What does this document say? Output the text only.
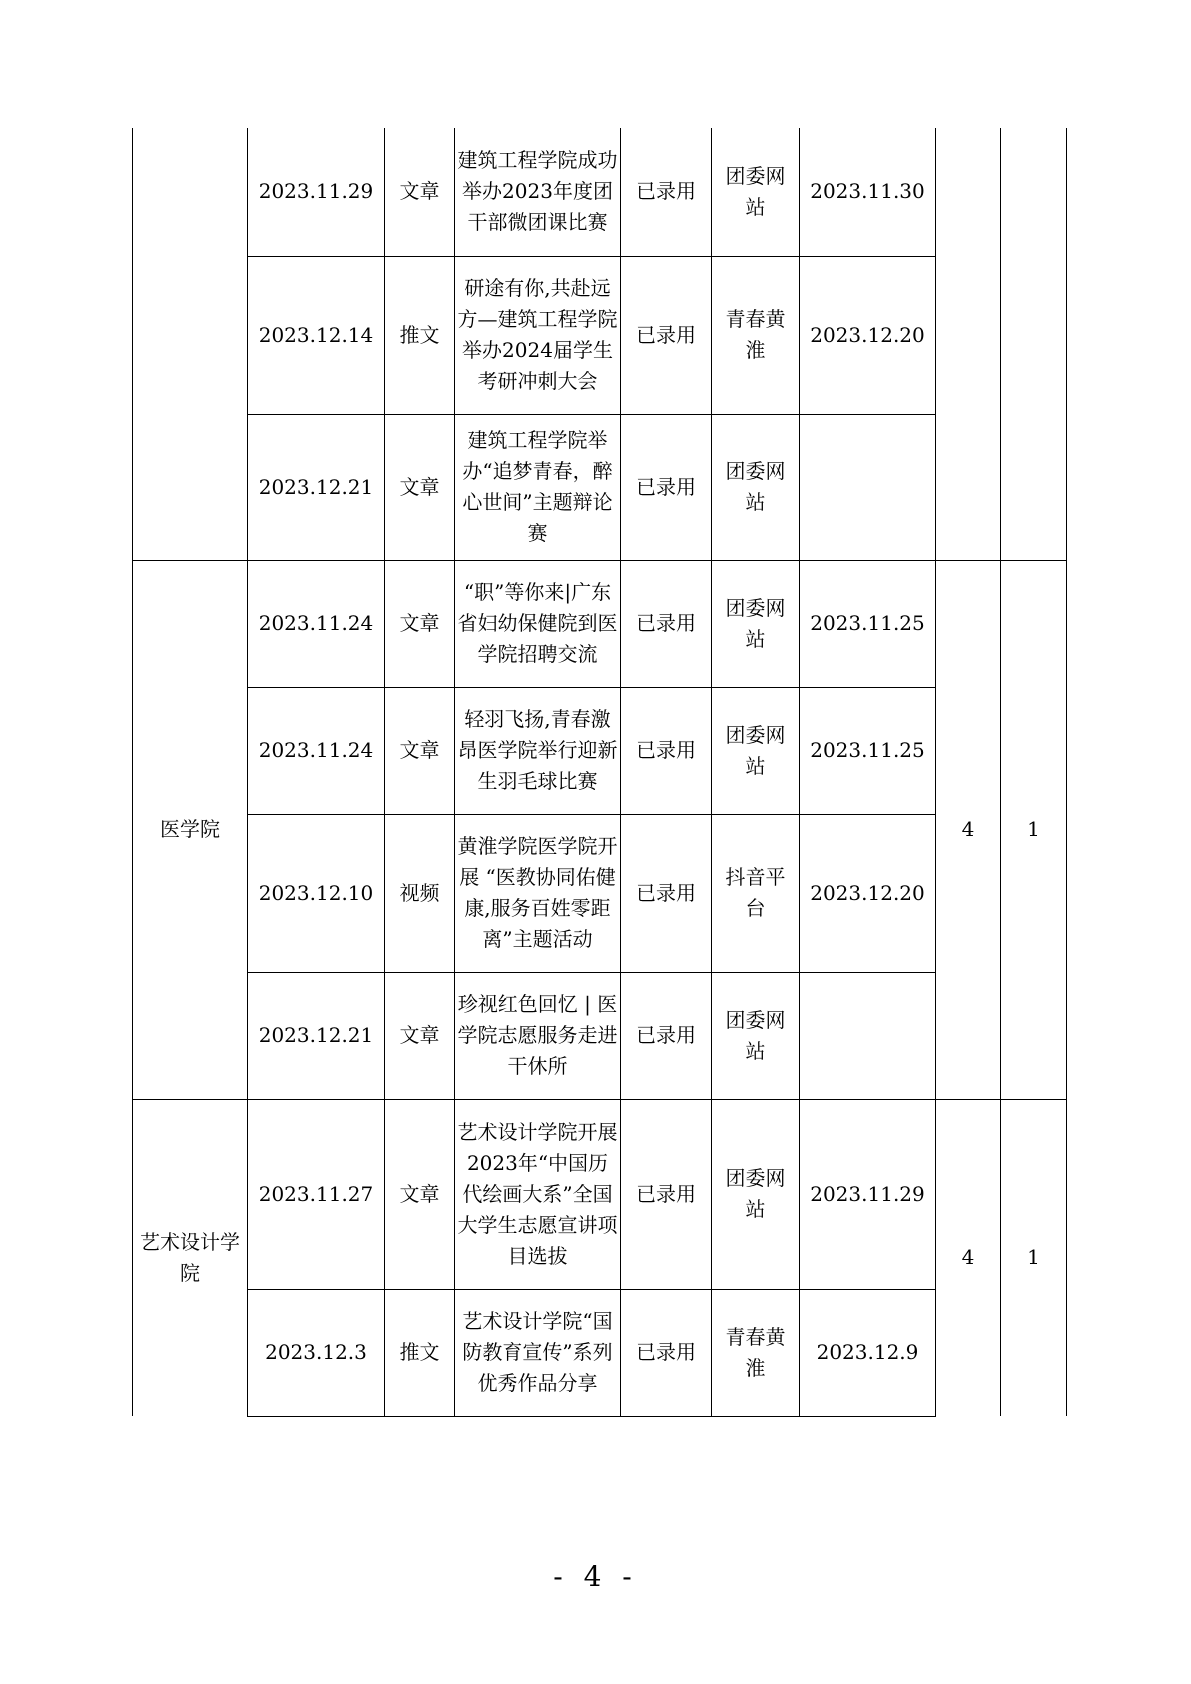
	2023.11.29	文章	建筑工程学院成功举办2023年度团干部微团课比赛	已录用	团委网站	2023.11.30		
	2023.12.14	推文	研途有你,共赴远方—建筑工程学院举办2024届学生考研冲刺大会	已录用	青春黄淮	2023.12.20		
	2023.12.21	文章	建筑工程学院举办“追梦青春，醉心世间”主题辩论赛	已录用	团委网站			
医学院	2023.11.24	文章	“职”等你来|广东省妇幼保健院到医学院招聘交流	已录用	团委网站	2023.11.25	4	1
	2023.11.24	文章	轻羽飞扬,青春激昂医学院举行迎新生羽毛球比赛	已录用	团委网站	2023.11.25		
	2023.12.10	视频	黄淮学院医学院开展 “医教协同佑健康,服务百姓零距离”主题活动	已录用	抖音平台	2023.12.20		
	2023.12.21	文章	珍视红色回忆 | 医学院志愿服务走进干休所	已录用	团委网站			
艺术设计学院	2023.11.27	文章	艺术设计学院开展2023年“中国历代绘画大系”全国大学生志愿宣讲项目选拔	已录用	团委网站	2023.11.29	4	1
	2023.12.3	推文	艺术设计学院“国防教育宣传”系列优秀作品分享	已录用	青春黄淮	2023.12.9		
- 4 -
